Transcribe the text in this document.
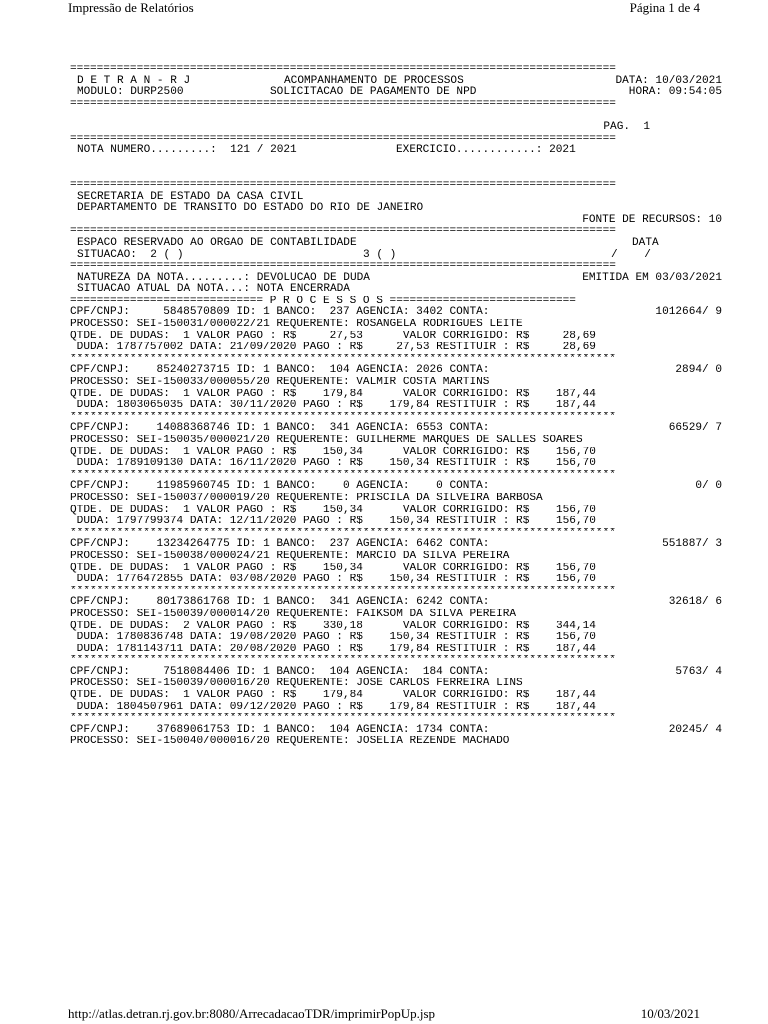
Impressão de Relatórios	Página 1 de 4
=====
D E T R A N - R J	ACOMPANHAMENTO DE PROCESSOS	DATA: 10/03/2021
MODULO: DURP2500	SOLICITACAO DE PAGAMENTO DE NPD	HORA: 09:54:05
=====
PAG.  1
=====
NOTA NUMERO.........:  121 / 2021	EXERCICIO............: 2021
=====
SECRETARIA DE ESTADO DA CASA CIVIL
DEPARTAMENTO DE TRANSITO DO ESTADO DO RIO DE JANEIRO
FONTE DE RECURSOS: 10
=====
ESPACO RESERVADO AO ORGAO DE CONTABILIDADE	DATA
SITUACAO:  2 ( )	3 ( )	/    /
=====
NATUREZA DA NOTA.........: DEVOLUCAO DE DUDA	EMITIDA EM 03/03/2021
SITUACAO ATUAL DA NOTA...: NOTA ENCERRADA
============================= P R O C E S S O S ============================
CPF/CNPJ:     5848570809 ID: 1 BANCO:  237 AGENCIA: 3402 CONTA:	1012664/ 9
PROCESSO: SEI-150031/000022/21 REQUERENTE: ROSANGELA RODRIGUES LEITE
QTDE. DE DUDAS:  1 VALOR PAGO : R$     27,53      VALOR CORRIGIDO: R$     28,69
DUDA: 1787757002 DATA: 21/09/2020 PAGO : R$     27,53 RESTITUIR : R$     28,69
*****
CPF/CNPJ:    85240273715 ID: 1 BANCO:  104 AGENCIA: 2026 CONTA:	2894/ 0
PROCESSO: SEI-150033/000055/20 REQUERENTE: VALMIR COSTA MARTINS
QTDE. DE DUDAS:  1 VALOR PAGO : R$    179,84      VALOR CORRIGIDO: R$    187,44
DUDA: 1803065035 DATA: 30/11/2020 PAGO : R$    179,84 RESTITUIR : R$    187,44
*****
CPF/CNPJ:    14088368746 ID: 1 BANCO:  341 AGENCIA: 6553 CONTA:	66529/ 7
PROCESSO: SEI-150035/000021/20 REQUERENTE: GUILHERME MARQUES DE SALLES SOARES
QTDE. DE DUDAS:  1 VALOR PAGO : R$    150,34      VALOR CORRIGIDO: R$    156,70
DUDA: 1789109130 DATA: 16/11/2020 PAGO : R$    150,34 RESTITUIR : R$    156,70
*****
CPF/CNPJ:    11985960745 ID: 1 BANCO:    0 AGENCIA:    0 CONTA:	0/ 0
PROCESSO: SEI-150037/000019/20 REQUERENTE: PRISCILA DA SILVEIRA BARBOSA
QTDE. DE DUDAS:  1 VALOR PAGO : R$    150,34      VALOR CORRIGIDO: R$    156,70
DUDA: 1797799374 DATA: 12/11/2020 PAGO : R$    150,34 RESTITUIR : R$    156,70
*****
CPF/CNPJ:    13234264775 ID: 1 BANCO:  237 AGENCIA: 6462 CONTA:	551887/ 3
PROCESSO: SEI-150038/000024/21 REQUERENTE: MARCIO DA SILVA PEREIRA
QTDE. DE DUDAS:  1 VALOR PAGO : R$    150,34      VALOR CORRIGIDO: R$    156,70
DUDA: 1776472855 DATA: 03/08/2020 PAGO : R$    150,34 RESTITUIR : R$    156,70
*****
CPF/CNPJ:    80173861768 ID: 1 BANCO:  341 AGENCIA: 6242 CONTA:	32618/ 6
PROCESSO: SEI-150039/000014/20 REQUERENTE: FAIKSOM DA SILVA PEREIRA
QTDE. DE DUDAS:  2 VALOR PAGO : R$    330,18      VALOR CORRIGIDO: R$    344,14
DUDA: 1780836748 DATA: 19/08/2020 PAGO : R$    150,34 RESTITUIR : R$    156,70
DUDA: 1781143711 DATA: 20/08/2020 PAGO : R$    179,84 RESTITUIR : R$    187,44
*****
CPF/CNPJ:     7518084406 ID: 1 BANCO:  104 AGENCIA:  184 CONTA:	5763/ 4
PROCESSO: SEI-150039/000016/20 REQUERENTE: JOSE CARLOS FERREIRA LINS
QTDE. DE DUDAS:  1 VALOR PAGO : R$    179,84      VALOR CORRIGIDO: R$    187,44
DUDA: 1804507961 DATA: 09/12/2020 PAGO : R$    179,84 RESTITUIR : R$    187,44
*****
CPF/CNPJ:    37689061753 ID: 1 BANCO:  104 AGENCIA: 1734 CONTA:	20245/ 4
PROCESSO: SEI-150040/000016/20 REQUERENTE: JOSELIA REZENDE MACHADO
http://atlas.detran.rj.gov.br:8080/ArrecadacaoTDR/imprimirPopUp.jsp	10/03/2021
